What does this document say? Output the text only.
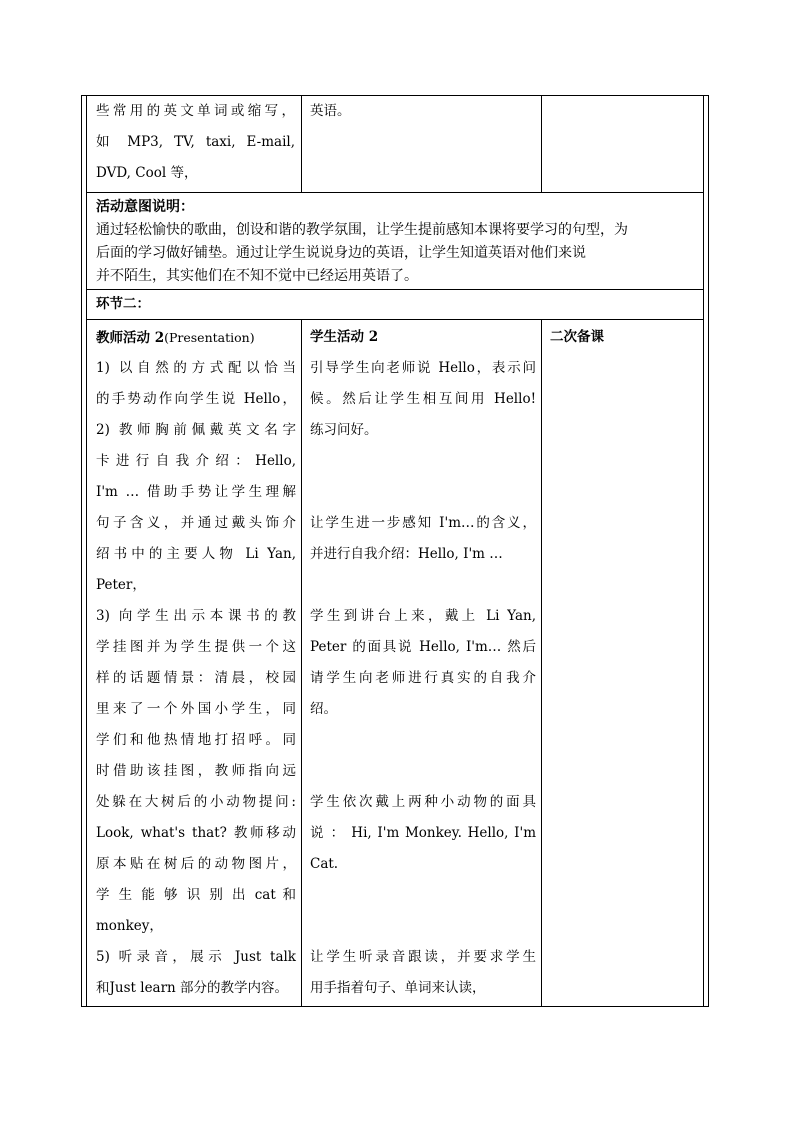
些常用的英文单词或缩写，

如 MP3, TV, taxi, E-mail,

DVD, Cool 等，

英语。

活动意图说明：

通过轻松愉快的歌曲，创设和谐的教学氛围，让学生提前感知本课将要学习的句型，为

后面的学习做好铺垫。通过让学生说说身边的英语，让学生知道英语对他们来说

并不陌生，其实他们在不知不觉中已经运用英语了。

环节二：

教师活动 2(Presentation)	学生活动 2	二次备课

1) 以自然的方式配以恰当

的手势动作向学生说 Hello，

2) 教师胸前佩戴英文名字

卡 进 行 自 我 介 绍 ： Hello,

I'm … 借助手势让学生理解

句子含义，并通过戴头饰介

绍书中的主要人物 Li Yan,

Peter，

3) 向学生出示本课书的教

学挂图并为学生提供一个这

样的话题情景：清晨，校园

里来了一个外国小学生，同

学们和他热情地打招呼。同

时借助该挂图，教师指向远

处躲在大树后的小动物提问:

Look, what's that? 教师移动

原本贴在树后的动物图片，

学 生 能 够 识 别 出 cat 和

monkey，

5) 听录音，展示 Just talk

和Just learn 部分的教学内容。

引导学生向老师说 Hello，表示问

候。然后让学生相互间用 Hello!

练习问好。

让学生进一步感知 I'm…的含义，

并进行自我介绍：Hello, I'm …

学生到讲台上来，戴上 Li Yan,

Peter 的面具说 Hello, I'm… 然后

请学生向老师进行真实的自我介

绍。

学生依次戴上两种小动物的面具

说 ： Hi, I'm Monkey. Hello, I'm

Cat.

让学生听录音跟读，并要求学生

用手指着句子、单词来认读，
